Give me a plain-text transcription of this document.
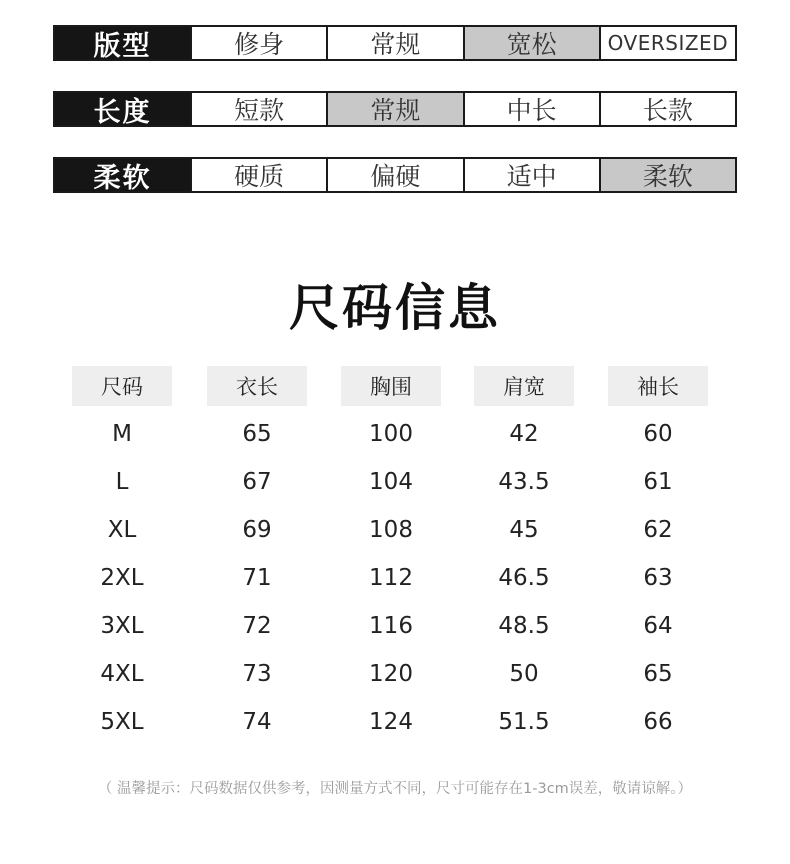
版型	修身	常规	宽松	OVERSIZED
长度	短款	常规	中长	长款
柔软	硬质	偏硬	适中	柔软
尺码信息
尺码	衣长	胸围	肩宽	袖长
M	65	100	42	60
L	67	104	43.5	61
XL	69	108	45	62
2XL	71	112	46.5	63
3XL	72	116	48.5	64
4XL	73	120	50	65
5XL	74	124	51.5	66
（ 温馨提示：尺码数据仅供参考，因测量方式不同，尺寸可能存在1-3cm误差，敬请谅解。）
